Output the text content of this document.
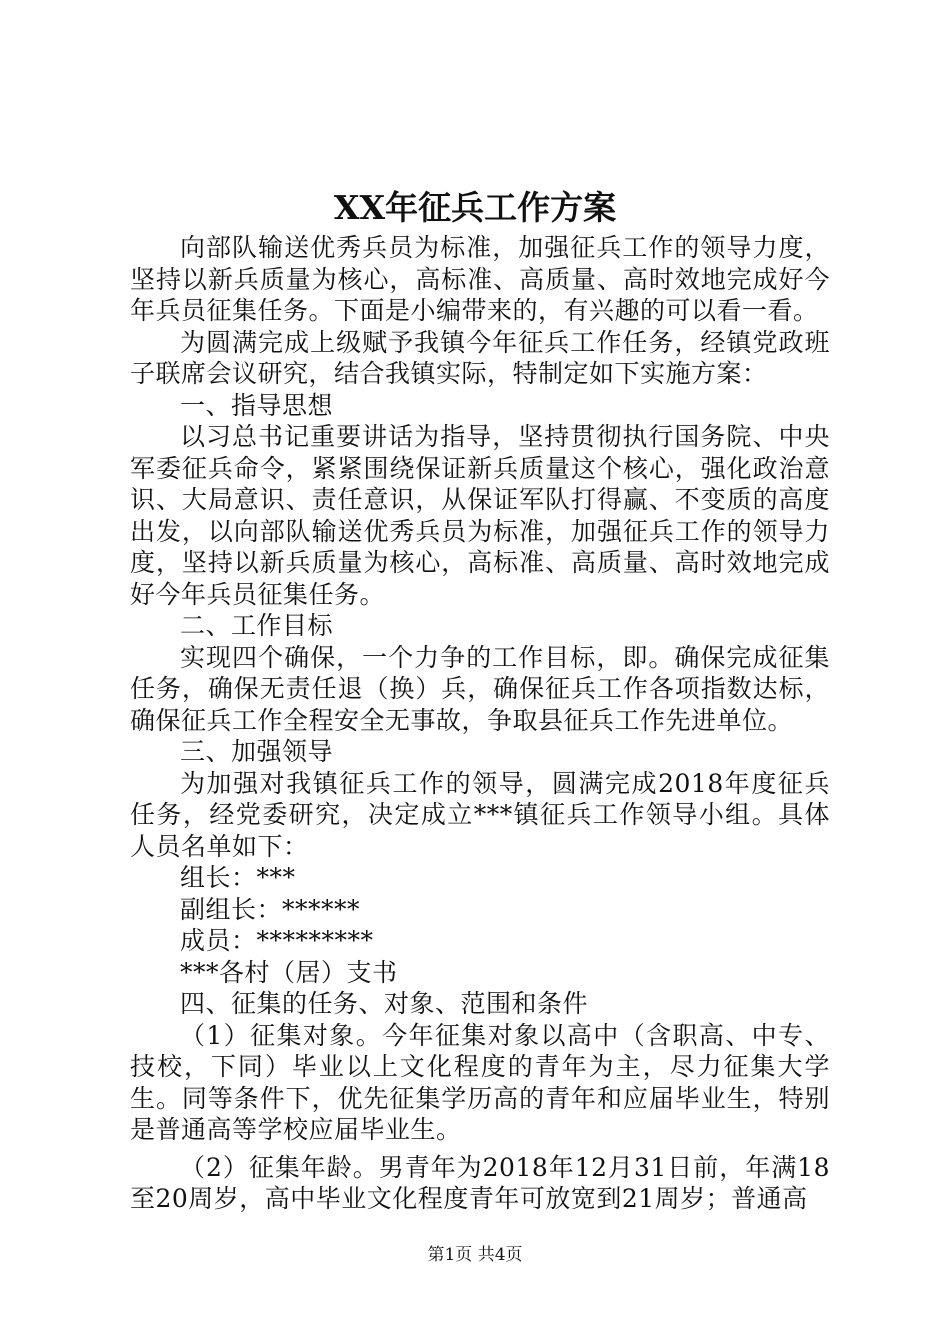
XX年征兵工作方案

向部队输送优秀兵员为标准，加强征兵工作的领导力度，坚持以新兵质量为核心，高标准、高质量、高时效地完成好今年兵员征集任务。下面是小编带来的，有兴趣的可以看一看。

为圆满完成上级赋予我镇今年征兵工作任务，经镇党政班子联席会议研究，结合我镇实际，特制定如下实施方案：

一、指导思想

以习总书记重要讲话为指导，坚持贯彻执行国务院、中央军委征兵命令，紧紧围绕保证新兵质量这个核心，强化政治意识、大局意识、责任意识，从保证军队打得赢、不变质的高度出发，以向部队输送优秀兵员为标准，加强征兵工作的领导力度，坚持以新兵质量为核心，高标准、高质量、高时效地完成好今年兵员征集任务。

二、工作目标

实现四个确保，一个力争的工作目标，即。确保完成征集任务，确保无责任退（换）兵，确保征兵工作各项指数达标，确保征兵工作全程安全无事故，争取县征兵工作先进单位。

三、加强领导

为加强对我镇征兵工作的领导，圆满完成2018年度征兵任务，经党委研究，决定成立***镇征兵工作领导小组。具体人员名单如下：

组长：***

副组长：******

成员：*********

***各村（居）支书

四、征集的任务、对象、范围和条件

（1）征集对象。今年征集对象以高中（含职高、中专、技校，下同）毕业以上文化程度的青年为主，尽力征集大学生。同等条件下，优先征集学历高的青年和应届毕业生，特别是普通高等学校应届毕业生。

（2）征集年龄。男青年为2018年12月31日前，年满18至20周岁，高中毕业文化程度青年可放宽到21周岁；普通高

第1页 共4页
